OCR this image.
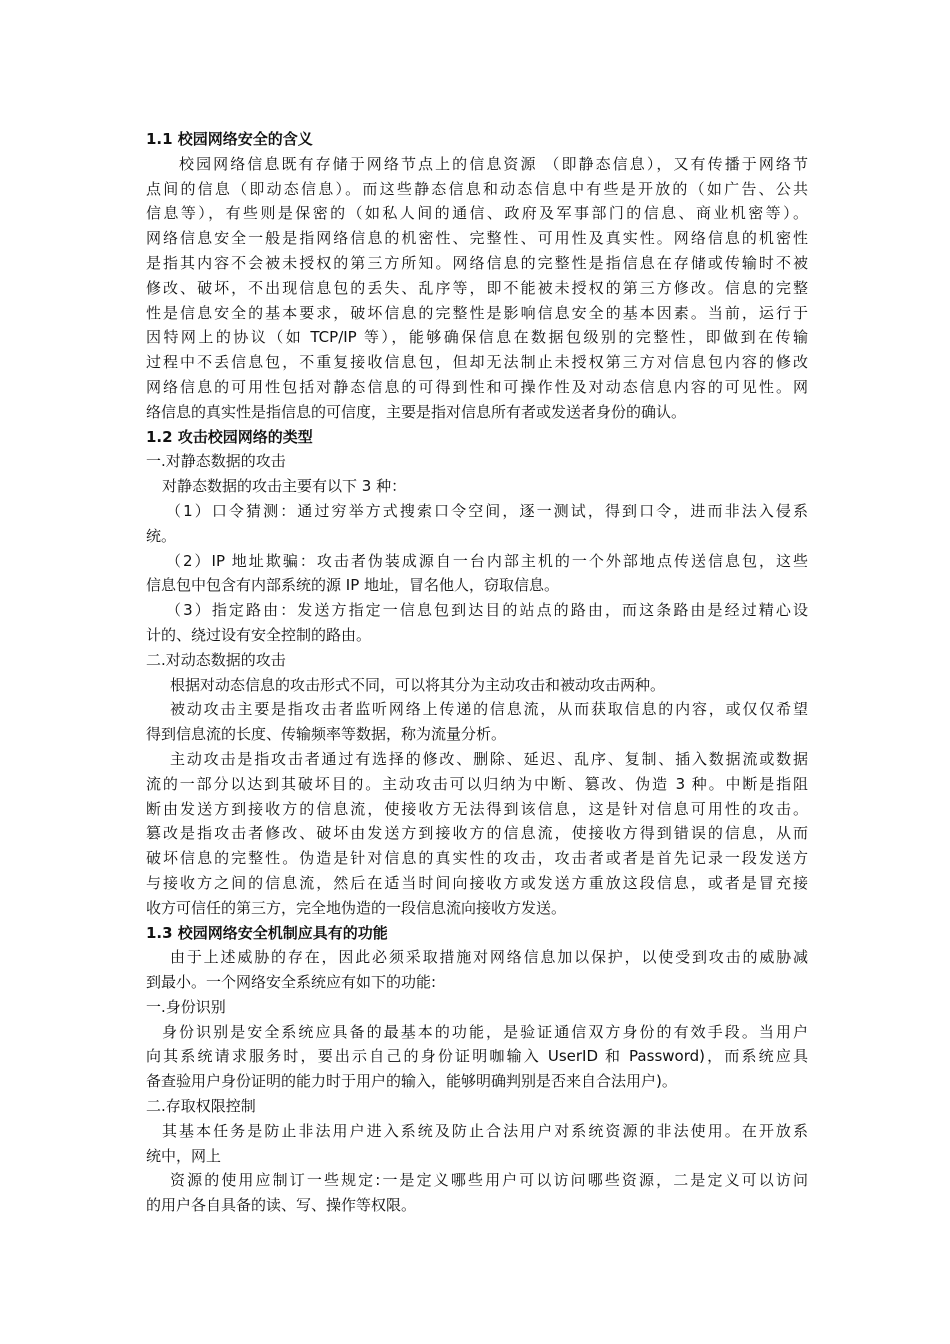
1.1 校园网络安全的含义
校园网络信息既有存储于网络节点上的信息资源 （即静态信息），又有传播于网络节
点间的信息（即动态信息）。而这些静态信息和动态信息中有些是开放的（如广告、公共
信息等），有些则是保密的（如私人间的通信、政府及军事部门的信息、商业机密等）。
网络信息安全一般是指网络信息的机密性、完整性、可用性及真实性。网络信息的机密性
是指其内容不会被未授权的第三方所知。网络信息的完整性是指信息在存储或传输时不被
修改、破坏，不出现信息包的丢失、乱序等，即不能被未授权的第三方修改。信息的完整
性是信息安全的基本要求，破坏信息的完整性是影响信息安全的基本因素。当前，运行于
因特网上的协议（如 TCP/IP 等），能够确保信息在数据包级别的完整性，即做到在传输
过程中不丢信息包，不重复接收信息包，但却无法制止未授权第三方对信息包内容的修改
网络信息的可用性包括对静态信息的可得到性和可操作性及对动态信息内容的可见性。网
络信息的真实性是指信息的可信度，主要是指对信息所有者或发送者身份的确认。
1.2 攻击校园网络的类型
一.对静态数据的攻击
对静态数据的攻击主要有以下 3 种：
（1）口令猜测：通过穷举方式搜索口令空间，逐一测试，得到口令，进而非法入侵系
统。
（2）IP 地址欺骗：攻击者伪装成源自一台内部主机的一个外部地点传送信息包，这些
信息包中包含有内部系统的源 IP 地址，冒名他人，窃取信息。
（3）指定路由：发送方指定一信息包到达目的站点的路由，而这条路由是经过精心设
计的、绕过设有安全控制的路由。
二.对动态数据的攻击
根据对动态信息的攻击形式不同，可以将其分为主动攻击和被动攻击两种。
被动攻击主要是指攻击者监听网络上传递的信息流，从而获取信息的内容，或仅仅希望
得到信息流的长度、传输频率等数据，称为流量分析。
主动攻击是指攻击者通过有选择的修改、删除、延迟、乱序、复制、插入数据流或数据
流的一部分以达到其破坏目的。主动攻击可以归纳为中断、篡改、伪造 3 种。中断是指阻
断由发送方到接收方的信息流，使接收方无法得到该信息，这是针对信息可用性的攻击。
篡改是指攻击者修改、破坏由发送方到接收方的信息流，使接收方得到错误的信息，从而
破坏信息的完整性。伪造是针对信息的真实性的攻击，攻击者或者是首先记录一段发送方
与接收方之间的信息流，然后在适当时间向接收方或发送方重放这段信息，或者是冒充接
收方可信任的第三方，完全地伪造的一段信息流向接收方发送。
1.3 校园网络安全机制应具有的功能
由于上述威胁的存在，因此必须采取措施对网络信息加以保护，以使受到攻击的威胁减
到最小。一个网络安全系统应有如下的功能:
一.身份识别
身份识别是安全系统应具备的最基本的功能，是验证通信双方身份的有效手段。当用户
向其系统请求服务时，要出示自己的身份证明咖输入 UserID 和 Password)，而系统应具
备查验用户身份证明的能力时于用户的输入，能够明确判别是否来自合法用户)。
二.存取权限控制
其基本任务是防止非法用户进入系统及防止合法用户对系统资源的非法使用。在开放系
统中，网上
资源的使用应制订一些规定:一是定义哪些用户可以访问哪些资源，二是定义可以访问
的用户各自具备的读、写、操作等权限。
